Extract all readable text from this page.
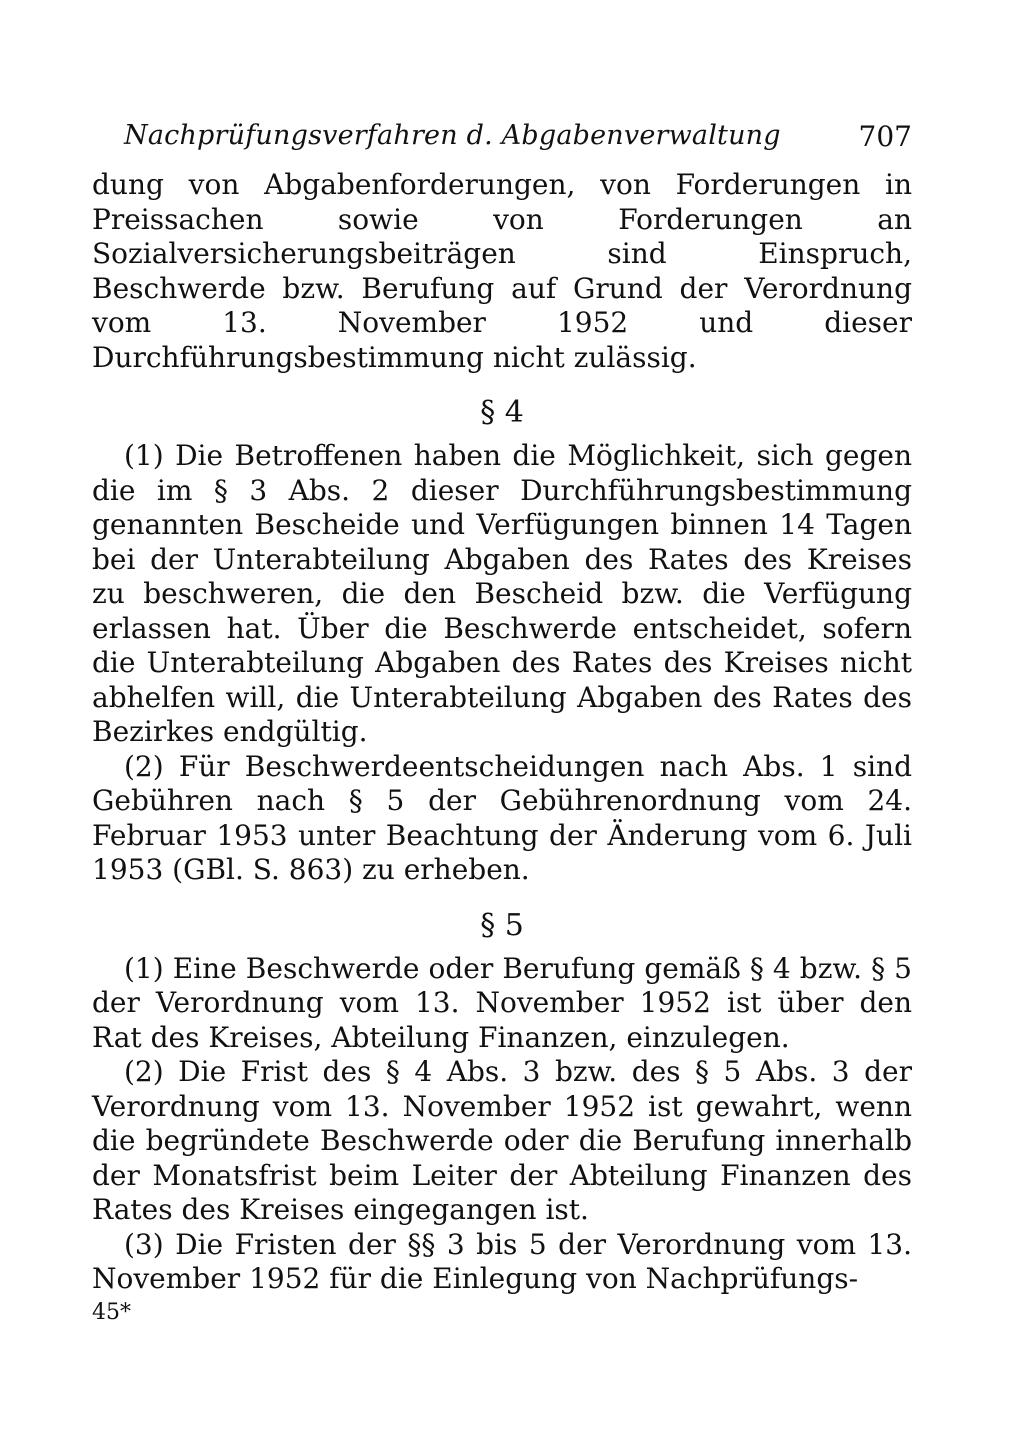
Nachprüfungsverfahren d. Abgabenverwaltung	707

dung von Abgabenforderungen, von Forderungen in Preissachen sowie von Forderungen an Sozialversicherungsbeiträgen sind Einspruch, Beschwerde bzw. Berufung auf Grund der Verordnung vom 13. November 1952 und dieser Durchführungsbestimmung nicht zulässig.

§ 4

(1) Die Betroffenen haben die Möglichkeit, sich gegen die im § 3 Abs. 2 dieser Durchführungsbestimmung genannten Bescheide und Verfügungen binnen 14 Tagen bei der Unterabteilung Abgaben des Rates des Kreises zu beschweren, die den Bescheid bzw. die Verfügung erlassen hat. Über die Beschwerde entscheidet, sofern die Unterabteilung Abgaben des Rates des Kreises nicht abhelfen will, die Unterabteilung Abgaben des Rates des Bezirkes endgültig.

(2) Für Beschwerdeentscheidungen nach Abs. 1 sind Gebühren nach § 5 der Gebührenordnung vom 24. Februar 1953 unter Beachtung der Änderung vom 6. Juli 1953 (GBl. S. 863) zu erheben.

§ 5

(1) Eine Beschwerde oder Berufung gemäß § 4 bzw. § 5 der Verordnung vom 13. November 1952 ist über den Rat des Kreises, Abteilung Finanzen, einzulegen.

(2) Die Frist des § 4 Abs. 3 bzw. des § 5 Abs. 3 der Verordnung vom 13. November 1952 ist gewahrt, wenn die begründete Beschwerde oder die Berufung innerhalb der Monatsfrist beim Leiter der Abteilung Finanzen des Rates des Kreises eingegangen ist.

(3) Die Fristen der §§ 3 bis 5 der Verordnung vom 13. November 1952 für die Einlegung von Nachprüfungs-

45*
